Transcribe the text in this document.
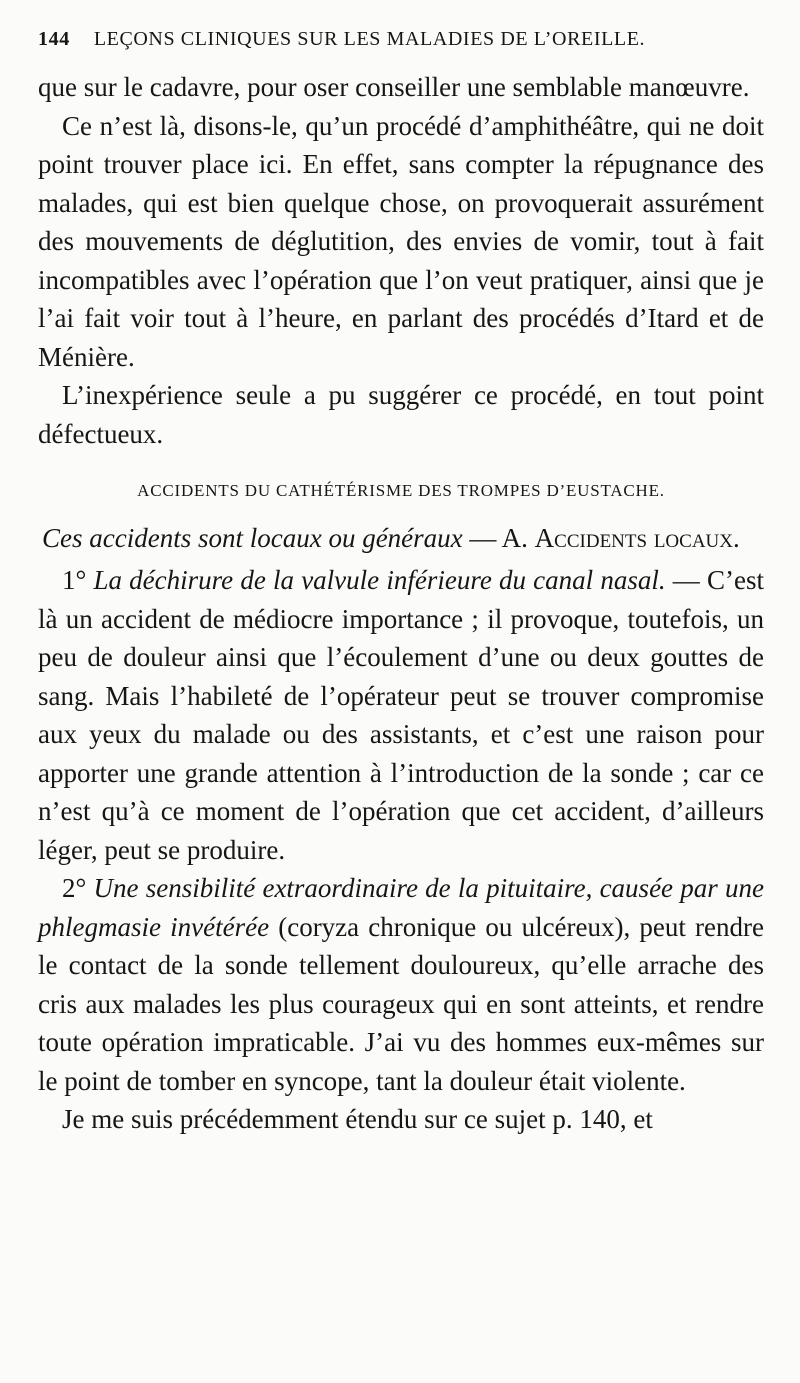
144 LEÇONS CLINIQUES SUR LES MALADIES DE L’OREILLE.

que sur le cadavre, pour oser conseiller une semblable manœuvre.

Ce n’est là, disons-le, qu’un procédé d’amphithéâtre, qui ne doit point trouver place ici. En effet, sans compter la répugnance des malades, qui est bien quelque chose, on provoquerait assurément des mouvements de déglutition, des envies de vomir, tout à fait incompatibles avec l’opération que l’on veut pratiquer, ainsi que je l’ai fait voir tout à l’heure, en parlant des procédés d’Itard et de Ménière.

L’inexpérience seule a pu suggérer ce procédé, en tout point défectueux.

ACCIDENTS DU CATHÉTÉRISME DES TROMPES D’EUSTACHE.
Ces accidents sont locaux ou généraux — A. Accidents locaux.

1° La déchirure de la valvule inférieure du canal nasal. — C’est là un accident de médiocre importance ; il provoque, toutefois, un peu de douleur ainsi que l’écoulement d’une ou deux gouttes de sang. Mais l’habileté de l’opérateur peut se trouver compromise aux yeux du malade ou des assistants, et c’est une raison pour apporter une grande attention à l’introduction de la sonde ; car ce n’est qu’à ce moment de l’opération que cet accident, d’ailleurs léger, peut se produire.

2° Une sensibilité extraordinaire de la pituitaire, causée par une phlegmasie invétérée (coryza chronique ou ulcéreux), peut rendre le contact de la sonde tellement douloureux, qu’elle arrache des cris aux malades les plus courageux qui en sont atteints, et rendre toute opération impraticable. J’ai vu des hommes eux-mêmes sur le point de tomber en syncope, tant la douleur était violente.

Je me suis précédemment étendu sur ce sujet p. 140, et
